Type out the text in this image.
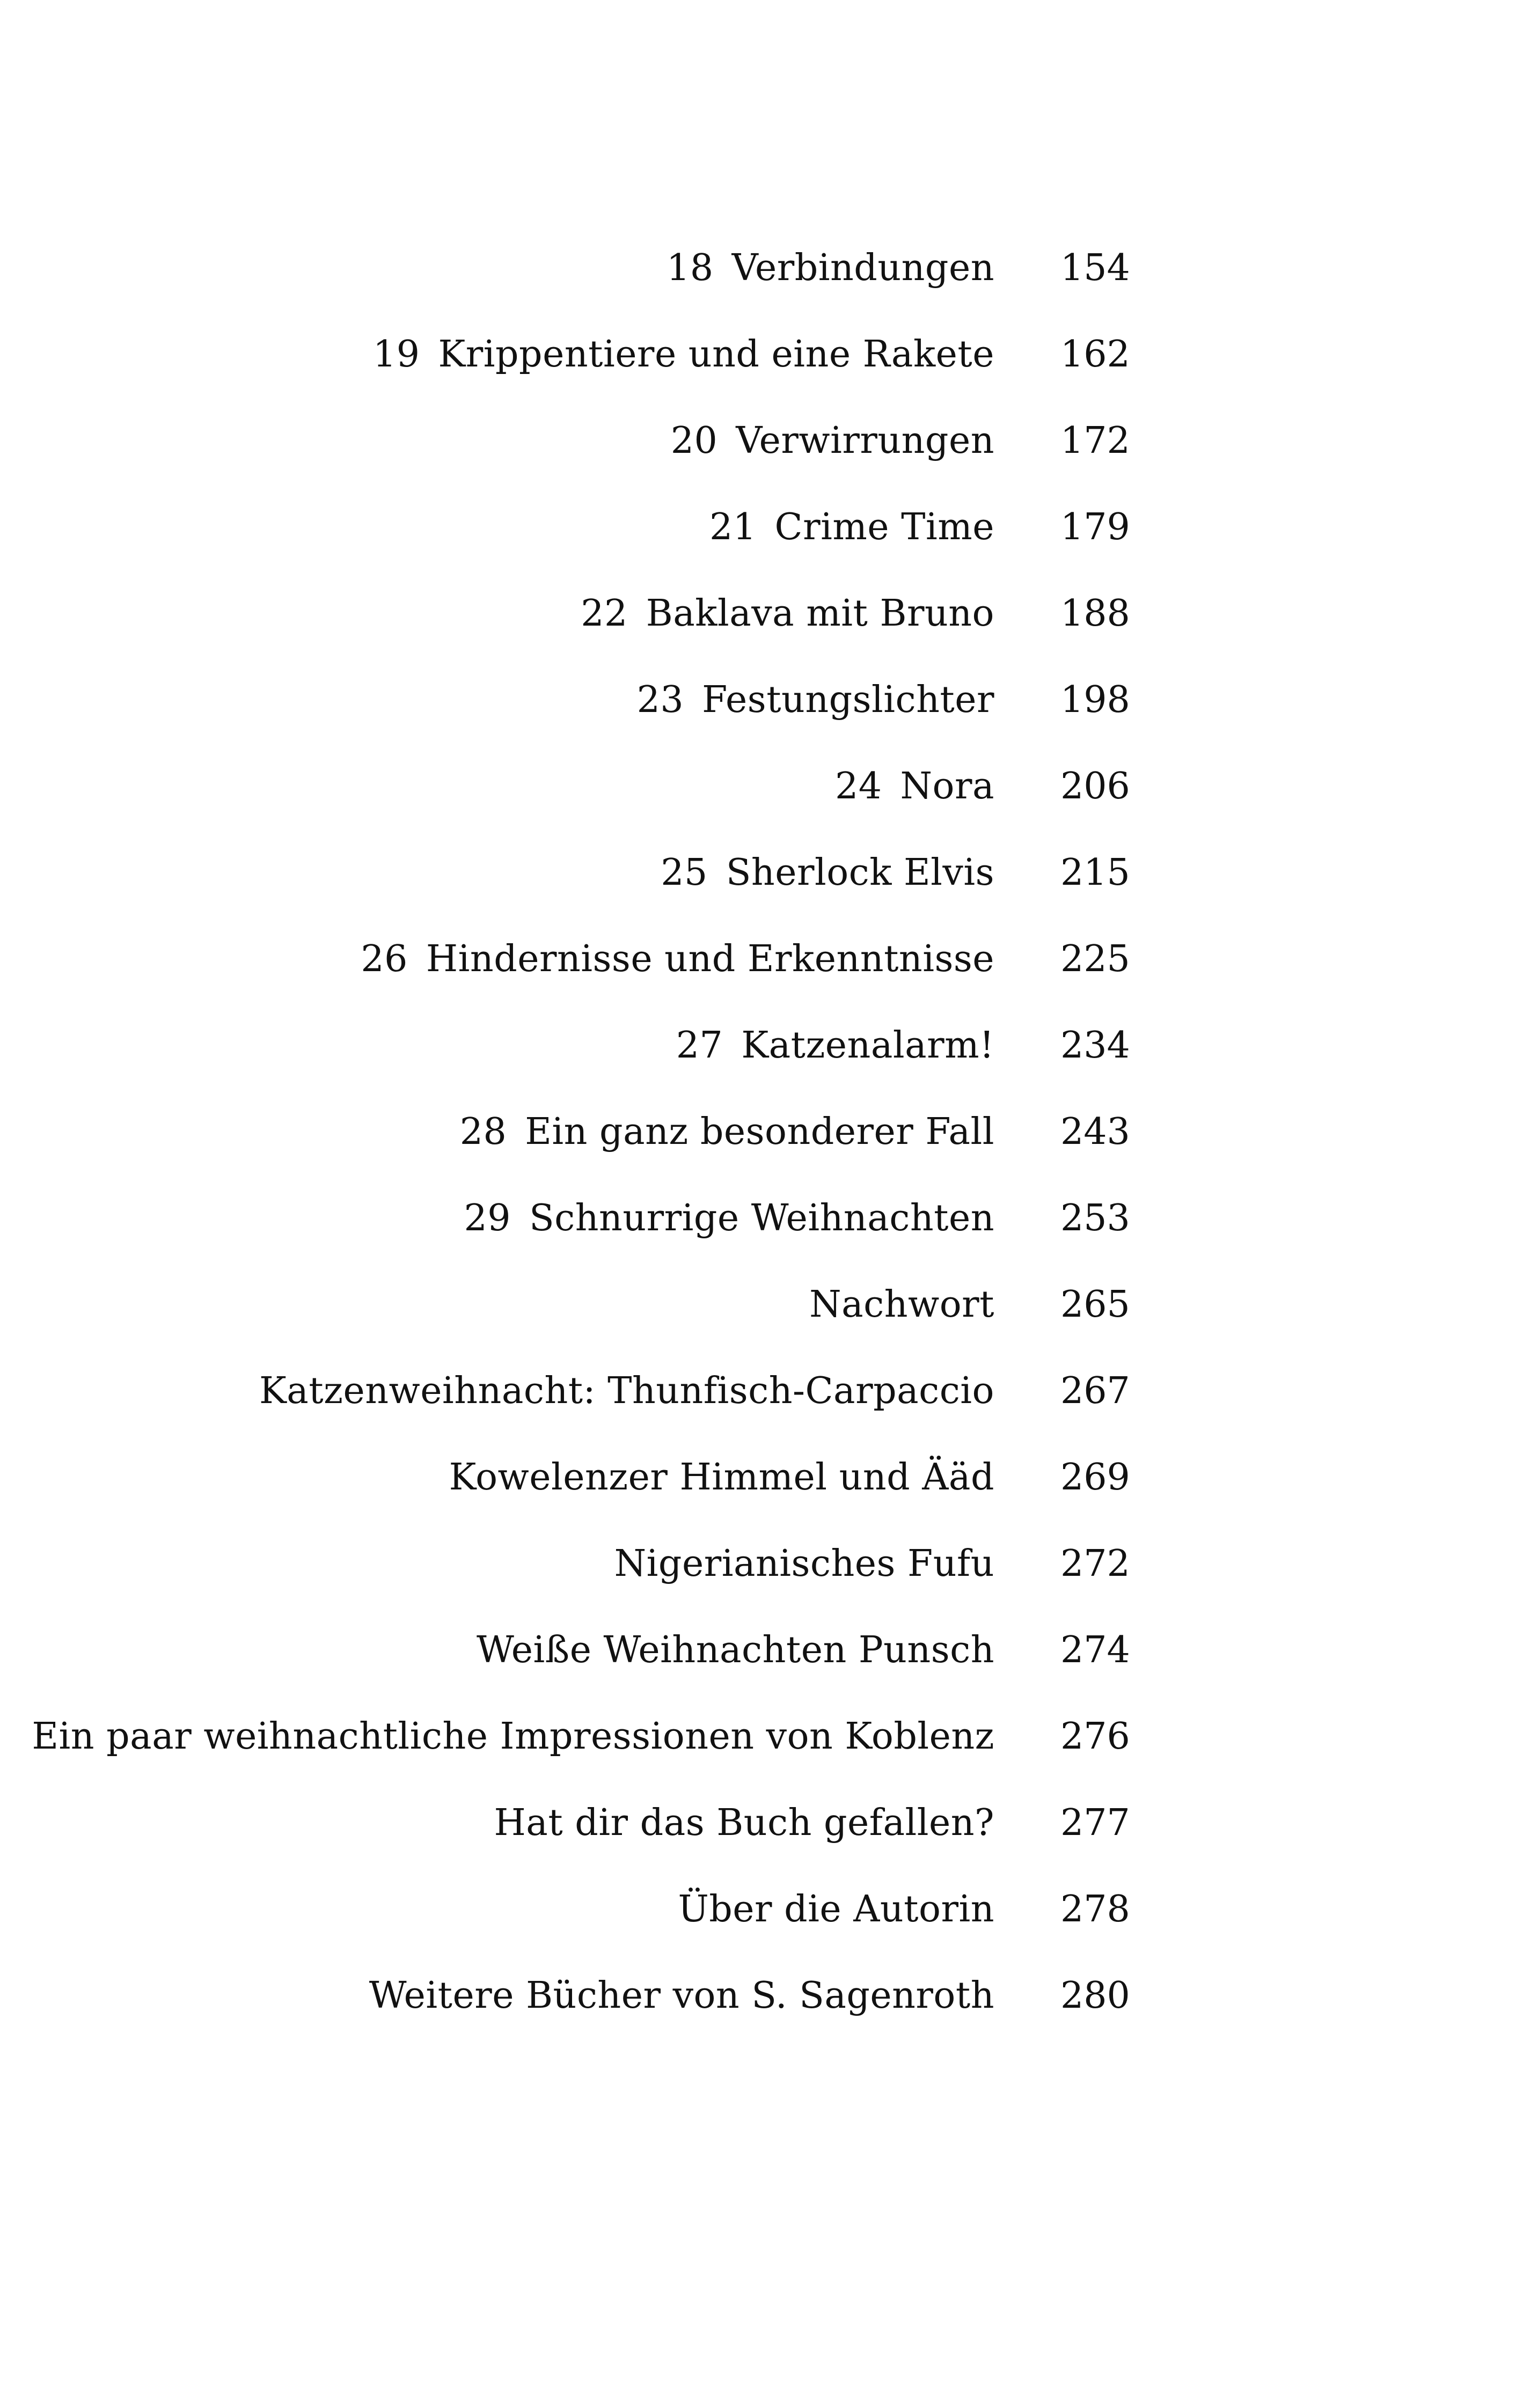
18 Verbindungen 154
19 Krippentiere und eine Rakete 162
20 Verwirrungen 172
21 Crime Time 179
22 Baklava mit Bruno 188
23 Festungslichter 198
24 Nora 206
25 Sherlock Elvis 215
26 Hindernisse und Erkenntnisse 225
27 Katzenalarm! 234
28 Ein ganz besonderer Fall 243
29 Schnurrige Weihnachten 253
Nachwort 265
Katzenweihnacht: Thunfisch-Carpaccio 267
Kowelenzer Himmel und Ääd 269
Nigerianisches Fufu 272
Weiße Weihnachten Punsch 274
Ein paar weihnachtliche Impressionen von Koblenz 276
Hat dir das Buch gefallen? 277
Über die Autorin 278
Weitere Bücher von S. Sagenroth 280
